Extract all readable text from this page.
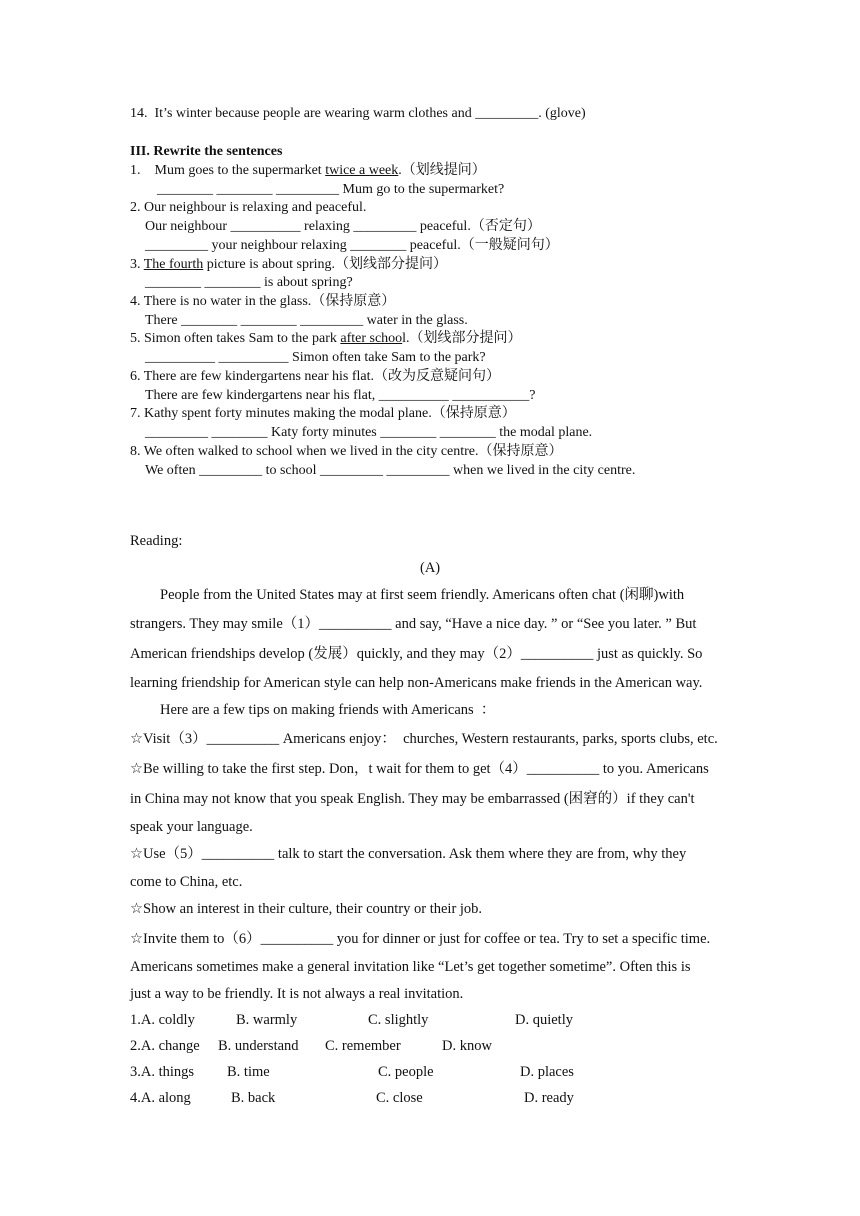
14.  It’s winter because people are wearing warm clothes and _________. (glove)
III. Rewrite the sentences
1.    Mum goes to the supermarket twice a week.（划线提问）
________ ________ _________ Mum go to the supermarket?
2. Our neighbour is relaxing and peaceful.
Our neighbour __________ relaxing _________ peaceful.（否定句）
_________ your neighbour relaxing ________ peaceful.（一般疑问句）
3. The fourth picture is about spring.（划线部分提问）
________ ________ is about spring?
4. There is no water in the glass.（保持原意）
There ________ ________ _________ water in the glass.
5. Simon often takes Sam to the park after school.（划线部分提问）
__________ __________ Simon often take Sam to the park?
6. There are few kindergartens near his flat.（改为反意疑问句）
There are few kindergartens near his flat, __________ ___________?
7. Kathy spent forty minutes making the modal plane.（保持原意）
_________ ________ Katy forty minutes ________ ________ the modal plane.
8. We often walked to school when we lived in the city centre.（保持原意）
We often _________ to school _________ _________ when we lived in the city centre.
Reading:
(A)
People from the United States may at first seem friendly. Americans often chat (闲聊)with
strangers. They may smile（1）__________ and say, “Have a nice day. ” or “See you later. ” But
American friendships develop (发展）quickly, and they may（2）__________ just as quickly. So
learning friendship for American style can help non-Americans make friends in the American way.
Here are a few tips on making friends with Americans  ：
☆Visit（3）__________ Americans enjoy：  churches, Western restaurants, parks, sports clubs, etc.
☆Be willing to take the first step. Don，t wait for them to get（4）__________ to you. Americans
in China may not know that you speak English. They may be embarrassed (困窘的）if they can't
speak your language.
☆Use（5）__________ talk to start the conversation. Ask them where they are from, why they
come to China, etc.
☆Show an interest in their culture, their country or their job.
☆Invite them to（6）__________ you for dinner or just for coffee or tea. Try to set a specific time.
Americans sometimes make a general invitation like “Let’s get together sometime”. Often this is
just a way to be friendly. It is not always a real invitation.
1.A. coldly	B. warmly	C. slightly	D. quietly
2.A. change B. understand C. remember	D. know
3.A. things B. time	C. people	D. places
4.A. along	B. back	C. close	D. ready
